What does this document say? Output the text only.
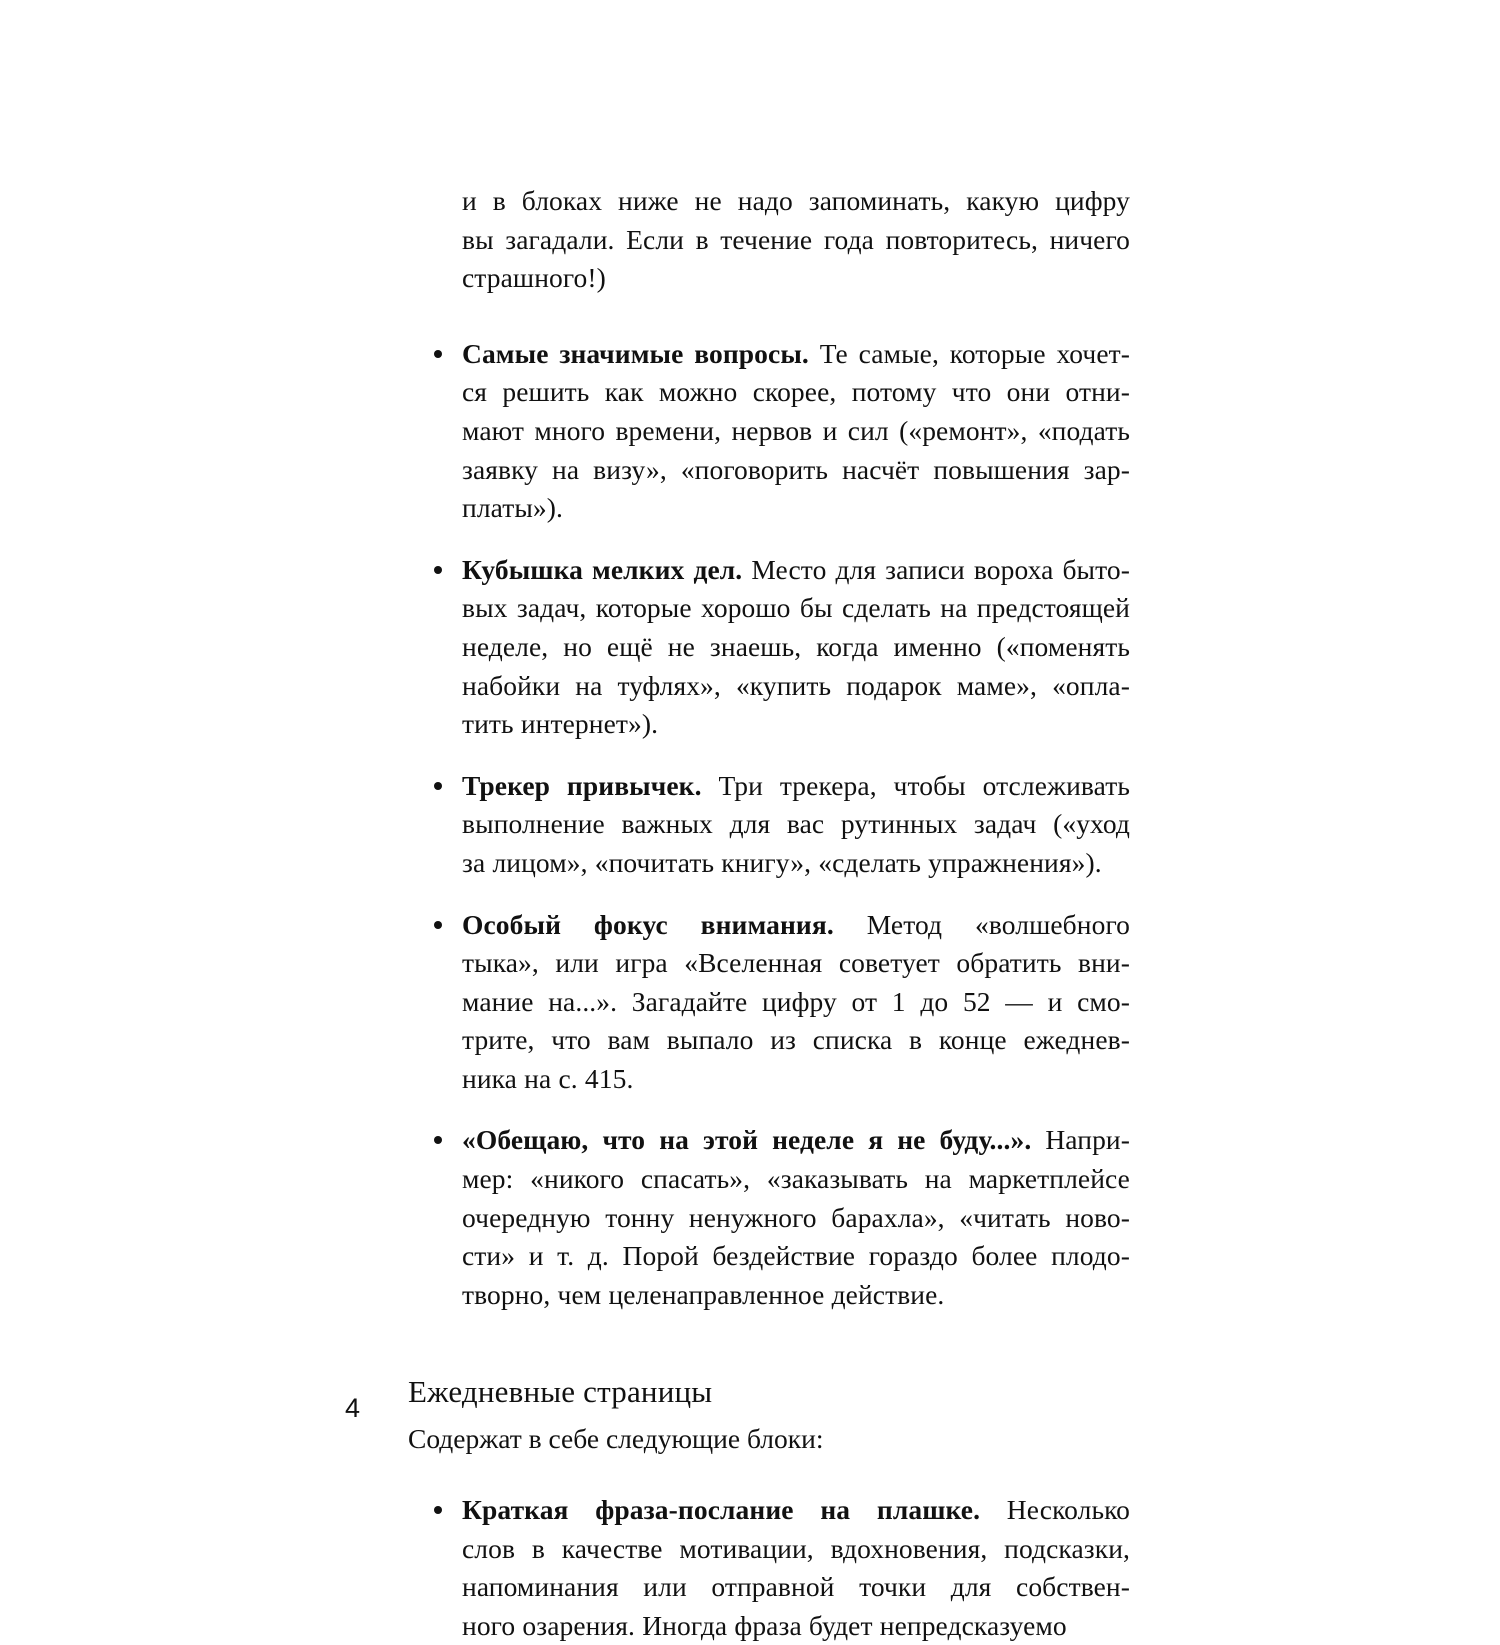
и в блоках ниже не надо запоминать, какую цифру
вы загадали. Если в течение года повторитесь, ничего
страшного!)

Самые значимые вопросы. Те самые, которые хочет-
ся решить как можно скорее, потому что они отни-
мают много времени, нервов и сил («ремонт», «подать
заявку на визу», «поговорить насчёт повышения зар-
платы»).

Кубышка мелких дел. Место для записи вороха быто-
вых задач, которые хорошо бы сделать на предстоящей
неделе, но ещё не знаешь, когда именно («поменять
набойки на туфлях», «купить подарок маме», «опла-
тить интернет»).

Трекер привычек. Три трекера, чтобы отслеживать
выполнение важных для вас рутинных задач («уход
за лицом», «почитать книгу», «сделать упражнения»).

Особый фокус внимания. Метод «волшебного
тыка», или игра «Вселенная советует обратить вни-
мание на...». Загадайте цифру от 1 до 52 — и смо-
трите, что вам выпало из списка в конце ежеднев-
ника на с. 415.

«Обещаю, что на этой неделе я не буду...». Напри-
мер: «никого спасать», «заказывать на маркетплейсе
очередную тонну ненужного барахла», «читать ново-
сти» и т. д. Порой бездействие гораздо более плодо-
творно, чем целенаправленное действие.

Ежедневные страницы

Содержат в себе следующие блоки:

Краткая фраза-послание на плашке. Несколько
слов в качестве мотивации, вдохновения, подсказки,
напоминания или отправной точки для собствен-
ного озарения. Иногда фраза будет непредсказуемо

4
